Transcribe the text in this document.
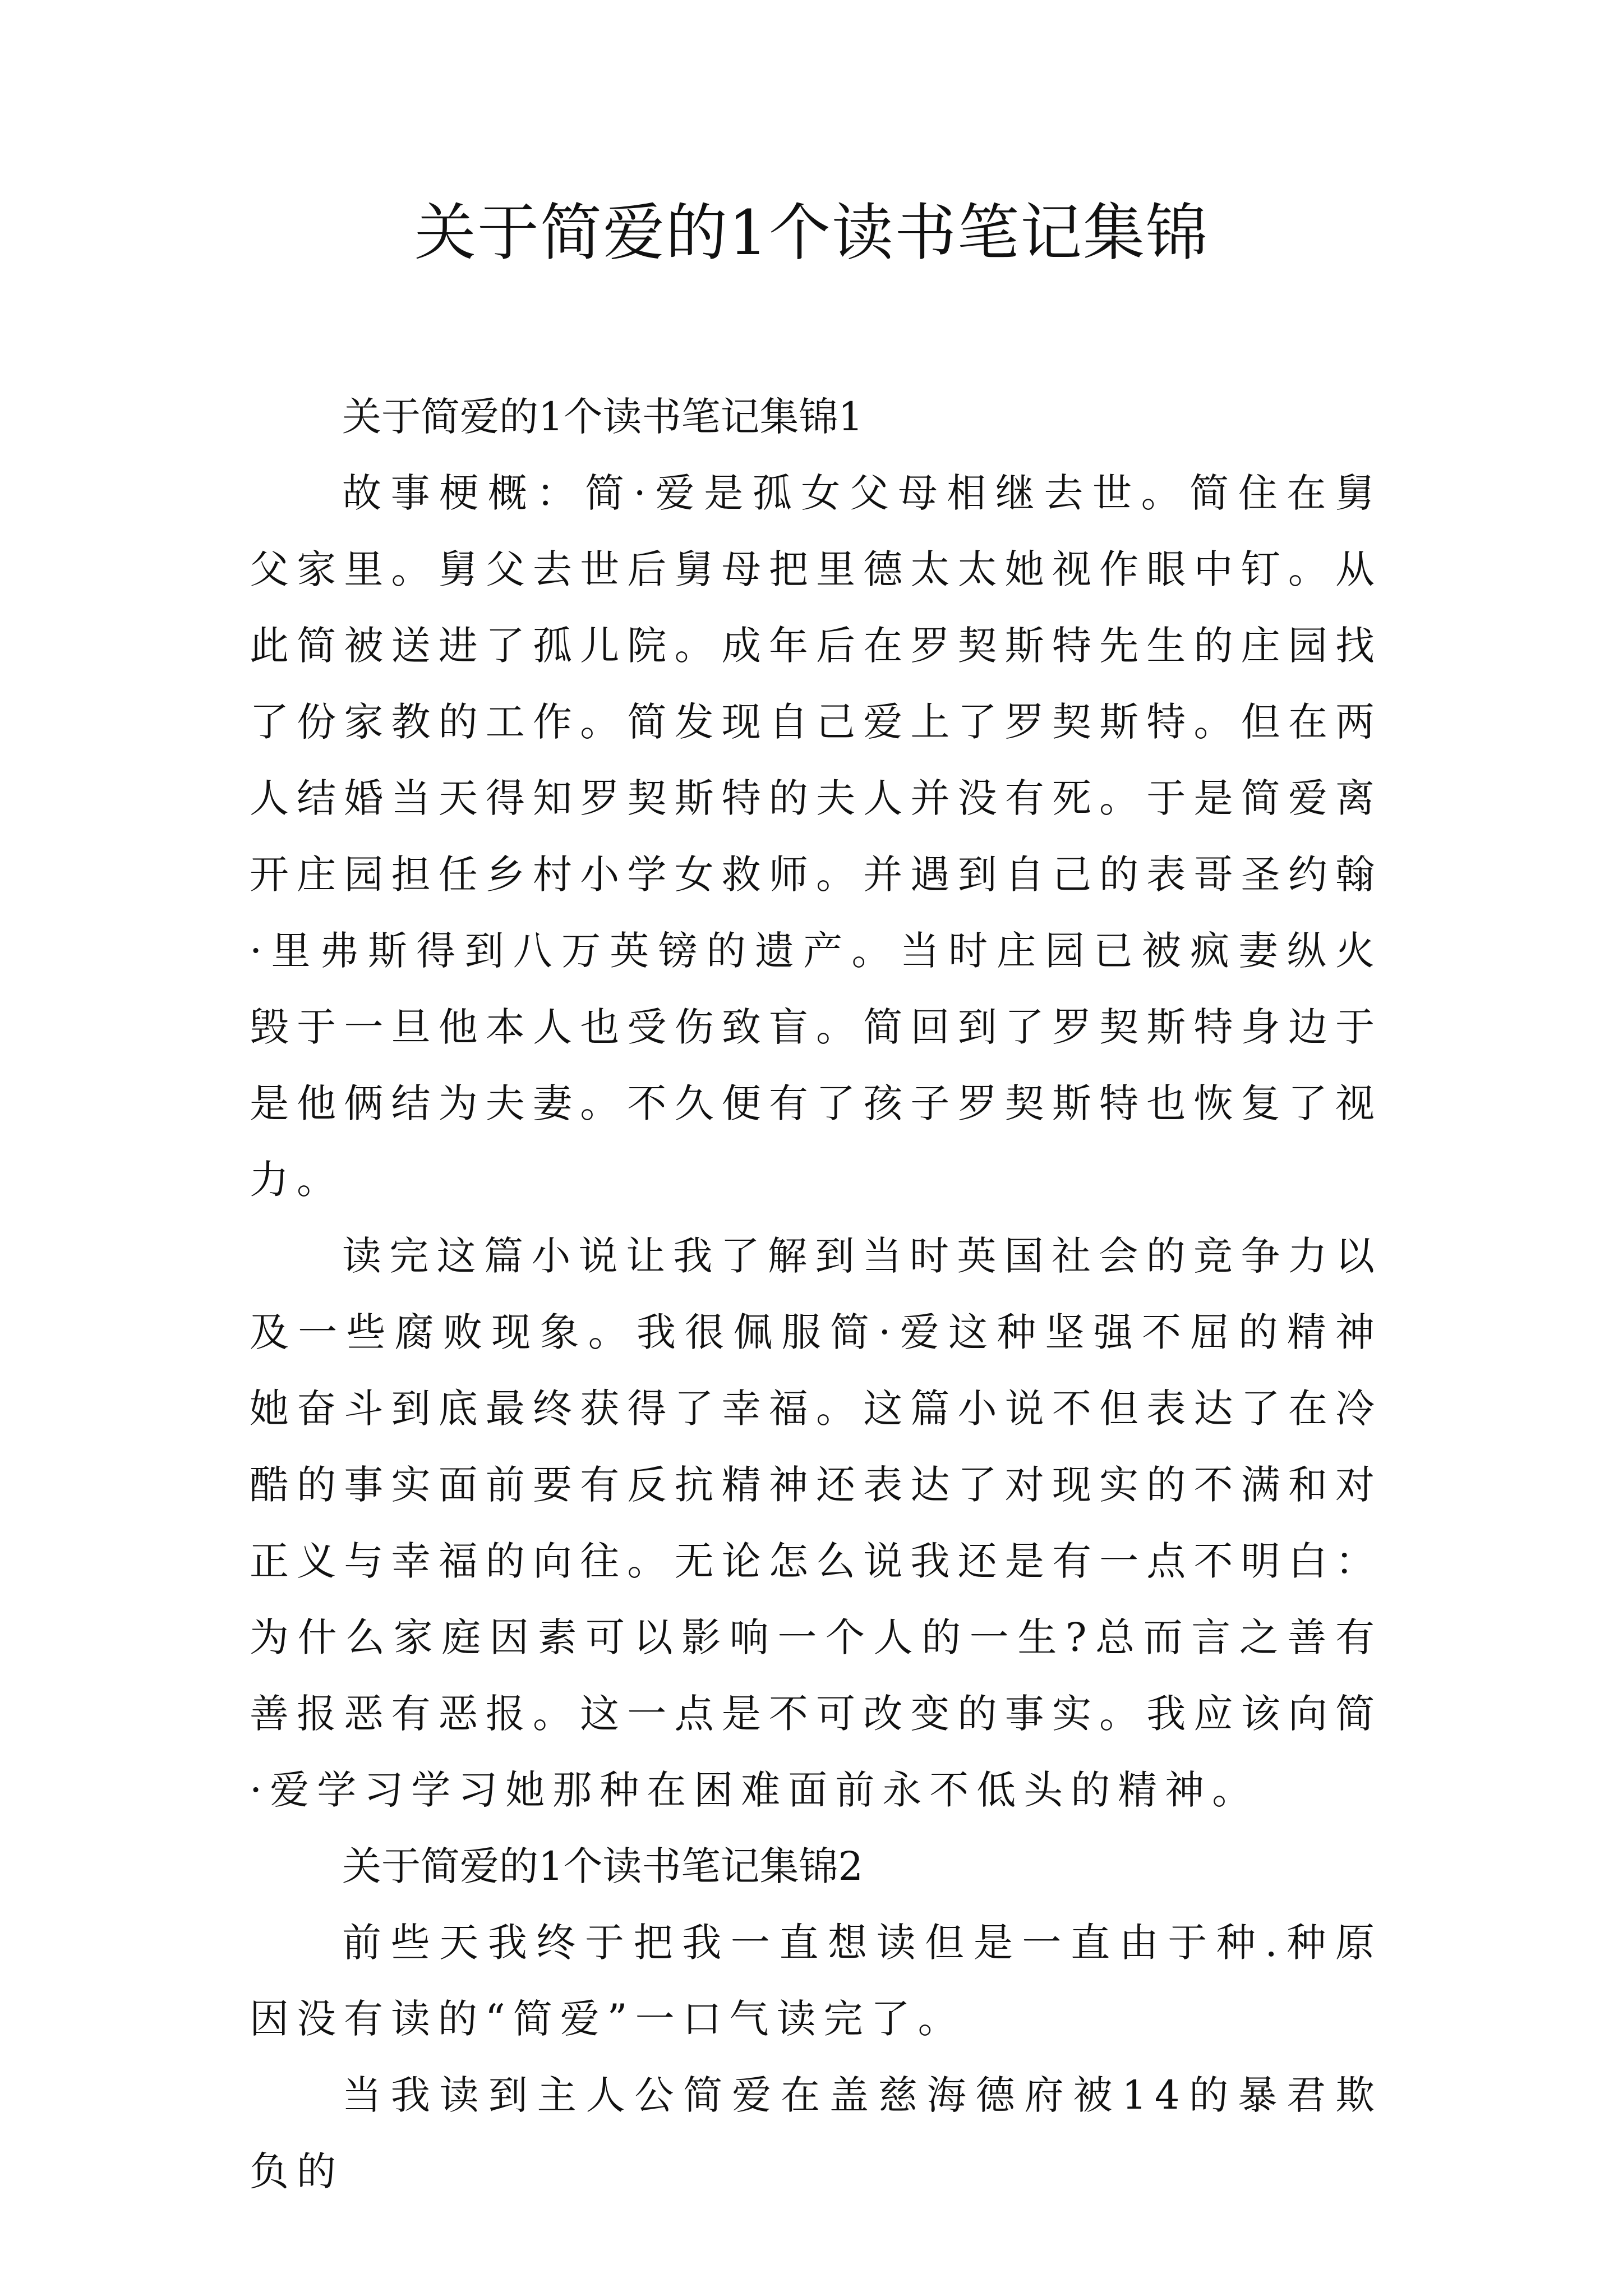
关于简爱的1个读书笔记集锦

关于简爱的1个读书笔记集锦1

故事梗概：简·爱是孤女父母相继去世。简住在舅父家里。舅父去世后舅母把里德太太她视作眼中钉。从此简被送进了孤儿院。成年后在罗契斯特先生的庄园找了份家教的工作。简发现自己爱上了罗契斯特。但在两人结婚当天得知罗契斯特的夫人并没有死。于是简爱离开庄园担任乡村小学女救师。并遇到自己的表哥圣约翰·里弗斯得到八万英镑的遗产。当时庄园已被疯妻纵火毁于一旦他本人也受伤致盲。简回到了罗契斯特身边于是他俩结为夫妻。不久便有了孩子罗契斯特也恢复了视力。

读完这篇小说让我了解到当时英国社会的竞争力以及一些腐败现象。我很佩服简·爱这种坚强不屈的精神她奋斗到底最终获得了幸福。这篇小说不但表达了在冷酷的事实面前要有反抗精神还表达了对现实的不满和对正义与幸福的向往。无论怎么说我还是有一点不明白：为什么家庭因素可以影响一个人的一生?总而言之善有善报恶有恶报。这一点是不可改变的事实。我应该向简·爱学习学习她那种在困难面前永不低头的精神。

关于简爱的1个读书笔记集锦2

前些天我终于把我一直想读但是一直由于种.种原因没有读的“简爱”一口气读完了。

当我读到主人公简爱在盖慈海德府被14的暴君欺负的
